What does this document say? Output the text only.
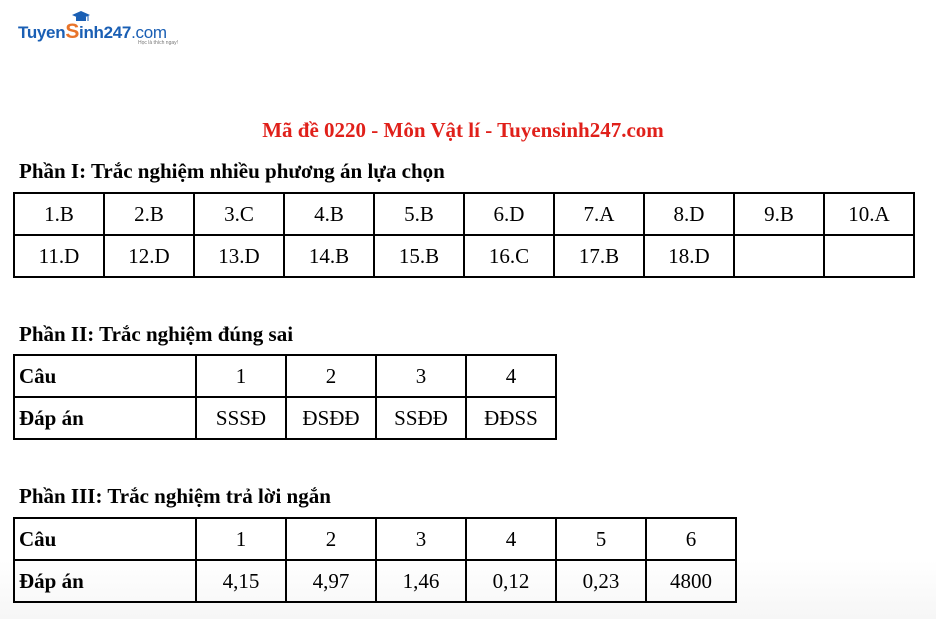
TuyenSinh247.com
Học là thích ngay!
Mã đề 0220 - Môn Vật lí - Tuyensinh247.com
Phần I: Trắc nghiệm nhiều phương án lựa chọn
1.B	2.B	3.C	4.B	5.B	6.D	7.A	8.D	9.B	10.A
11.D	12.D	13.D	14.B	15.B	16.C	17.B	18.D		
Phần II: Trắc nghiệm đúng sai
Câu	1	2	3	4
Đáp án	SSSĐ	ĐSĐĐ	SSĐĐ	ĐĐSS
Phần III: Trắc nghiệm trả lời ngắn
Câu	1	2	3	4	5	6
Đáp án	4,15	4,97	1,46	0,12	0,23	4800
